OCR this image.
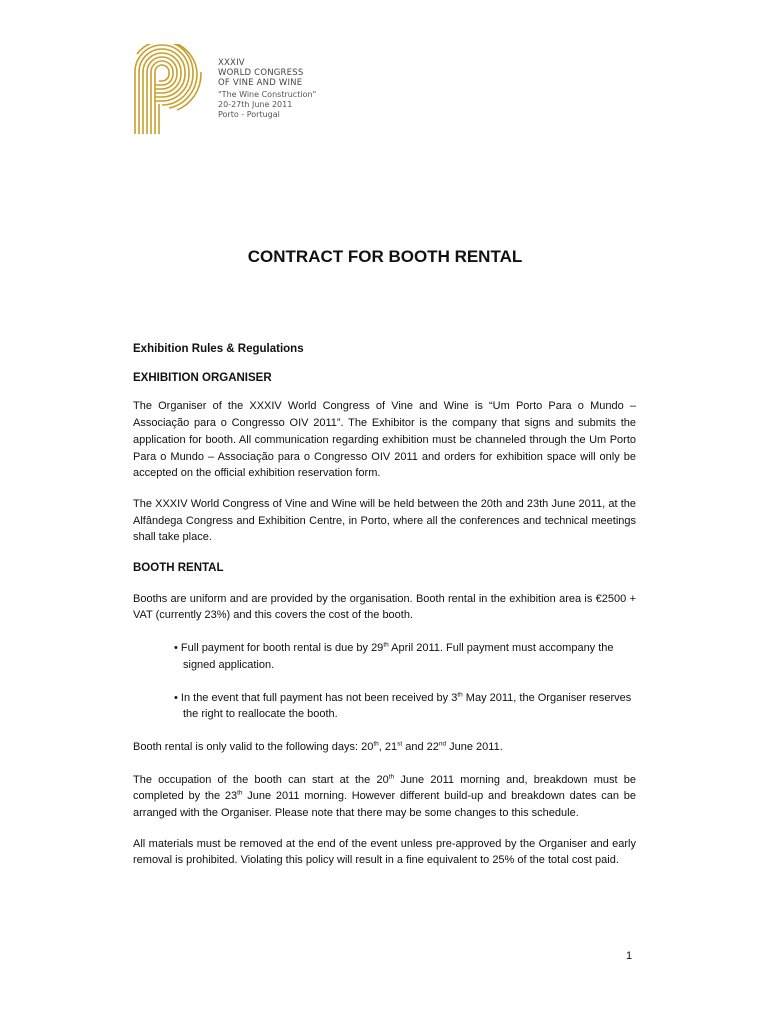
XXXIV
WORLD CONGRESS
OF VINE AND WINE
"The Wine Construction"
20-27th June 2011
Porto - Portugal
CONTRACT FOR BOOTH RENTAL

Exhibition Rules & Regulations

EXHIBITION ORGANISER

The Organiser of the XXXIV World Congress of Vine and Wine is “Um Porto Para o Mundo – Associação para o Congresso OIV 2011”. The Exhibitor is the company that signs and submits the application for booth. All communication regarding exhibition must be channeled through the Um Porto Para o Mundo – Associação para o Congresso OIV 2011 and orders for exhibition space will only be accepted on the official exhibition reservation form.

The XXXIV World Congress of Vine and Wine will be held between the 20th and 23th June 2011, at the Alfândega Congress and Exhibition Centre, in Porto, where all the conferences and technical meetings shall take place.

BOOTH RENTAL

Booths are uniform and are provided by the organisation. Booth rental in the exhibition area is €2500 + VAT (currently 23%) and this covers the cost of the booth.

• Full payment for booth rental is due by 29th April 2011. Full payment must accompany the signed application.

• In the event that full payment has not been received by 3th May 2011, the Organiser reserves the right to reallocate the booth.

Booth rental is only valid to the following days: 20th, 21st and 22nd June 2011.

The occupation of the booth can start at the 20th June 2011 morning and, breakdown must be completed by the 23th June 2011 morning. However different build-up and breakdown dates can be arranged with the Organiser. Please note that there may be some changes to this schedule.

All materials must be removed at the end of the event unless pre-approved by the Organiser and early removal is prohibited. Violating this policy will result in a fine equivalent to 25% of the total cost paid.

1
